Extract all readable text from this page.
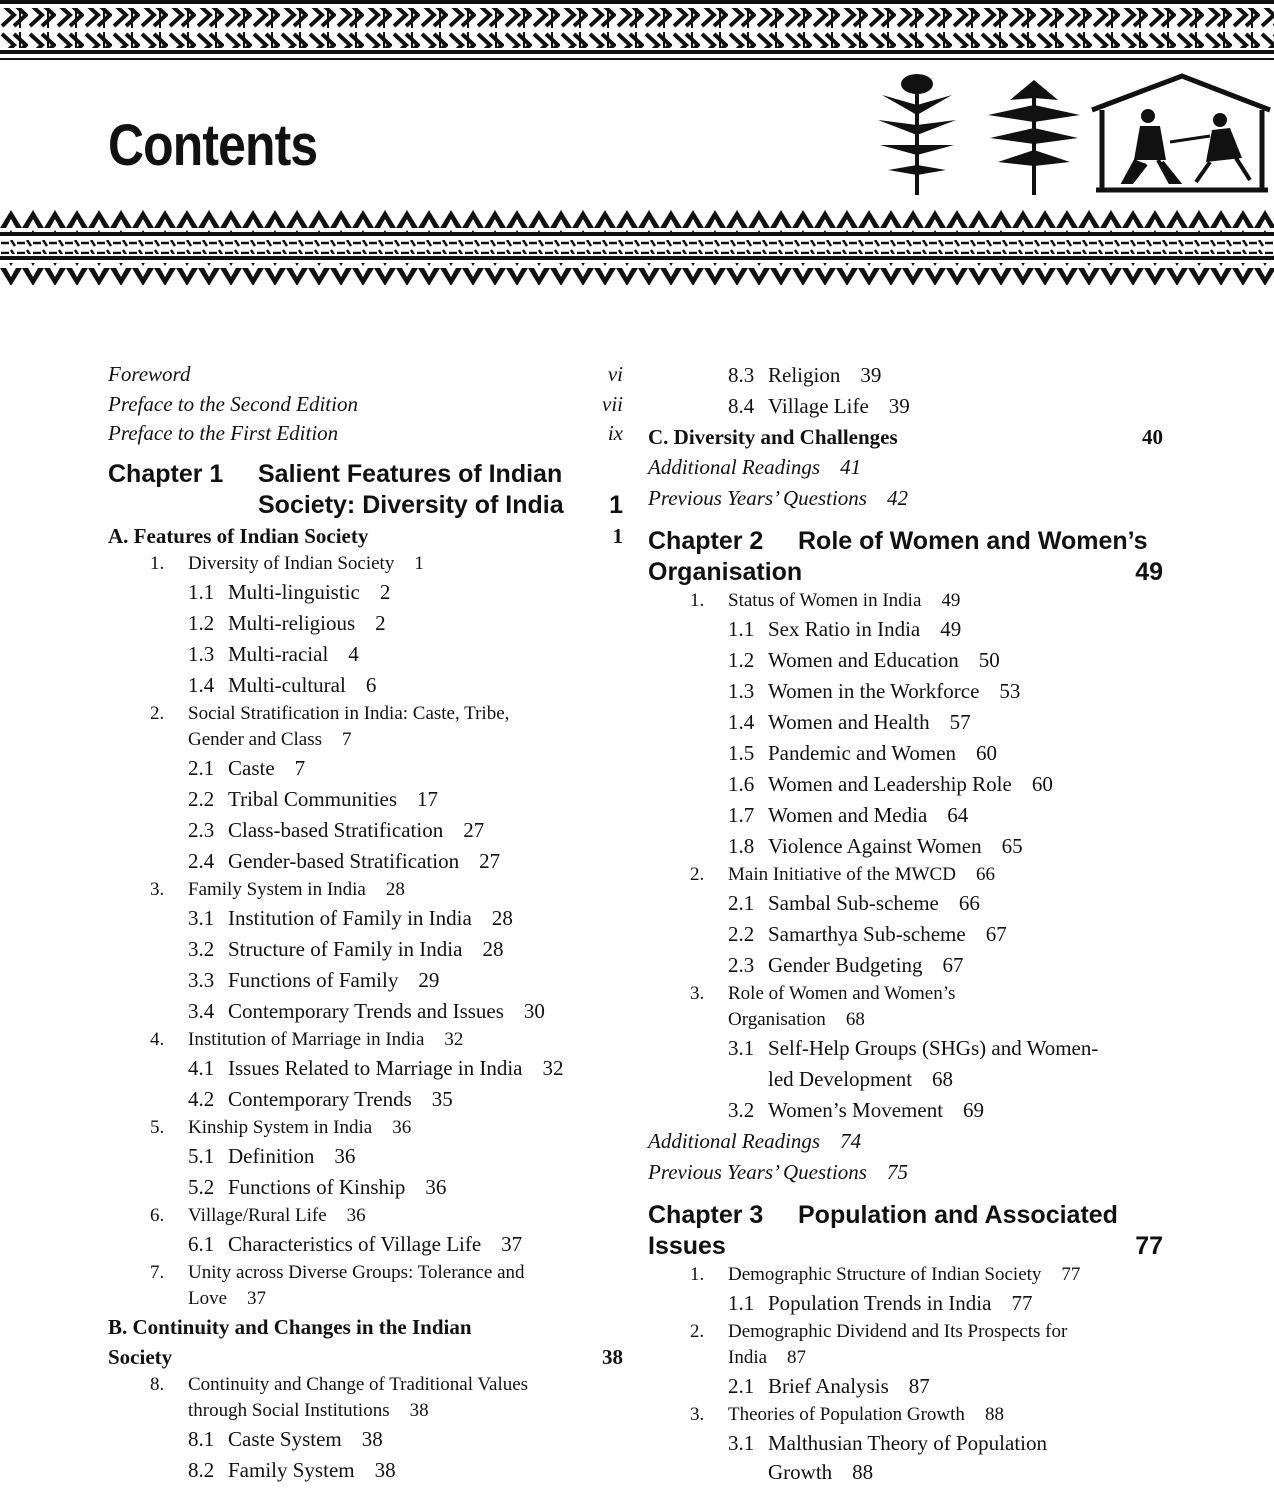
Contents
Foreword	vi
Preface to the Second Edition	vii
Preface to the First Edition	ix
Chapter 1	Salient Features of Indian
Society: Diversity of India 1
A. Features of Indian Society	1
1.	Diversity of Indian Society 1
1.1 Multi-linguistic 2
1.2 Multi-religious 2
1.3 Multi-racial 4
1.4 Multi-cultural 6
2.	Social Stratification in India: Caste, Tribe,
Gender and Class 7
2.1 Caste 7
2.2 Tribal Communities 17
2.3 Class-based Stratification 27
2.4 Gender-based Stratification 27
3.	Family System in India 28
3.1 Institution of Family in India 28
3.2 Structure of Family in India 28
3.3 Functions of Family 29
3.4 Contemporary Trends and Issues 30
4.	Institution of Marriage in India 32
4.1 Issues Related to Marriage in India 32
4.2 Contemporary Trends 35
5.	Kinship System in India 36
5.1 Definition 36
5.2 Functions of Kinship 36
6.	Village/Rural Life 36
6.1 Characteristics of Village Life 37
7.	Unity across Diverse Groups: Tolerance and
Love 37
B. Continuity and Changes in the Indian
Society	38
8.	Continuity and Change of Traditional Values
through Social Institutions 38
8.1 Caste System 38
8.2 Family System 38
8.3 Religion 39
8.4 Village Life 39
C. Diversity and Challenges	40
Additional Readings 41
Previous Years’ Questions 42
Chapter 2	Role of Women and Women’s
Organisation	49
1.	Status of Women in India 49
1.1 Sex Ratio in India 49
1.2 Women and Education 50
1.3 Women in the Workforce 53
1.4 Women and Health 57
1.5 Pandemic and Women 60
1.6 Women and Leadership Role 60
1.7 Women and Media 64
1.8 Violence Against Women 65
2.	Main Initiative of the MWCD 66
2.1 Sambal Sub-scheme 66
2.2 Samarthya Sub-scheme 67
2.3 Gender Budgeting 67
3.	Role of Women and Women’s
Organisation 68
3.1 Self-Help Groups (SHGs) and Women-
led Development 68
3.2 Women’s Movement 69
Additional Readings 74
Previous Years’ Questions 75
Chapter 3	Population and Associated
Issues	77
1.	Demographic Structure of Indian Society 77
1.1 Population Trends in India 77
2.	Demographic Dividend and Its Prospects for
India 87
2.1 Brief Analysis 87
3.	Theories of Population Growth 88
3.1 Malthusian Theory of Population
Growth 88
